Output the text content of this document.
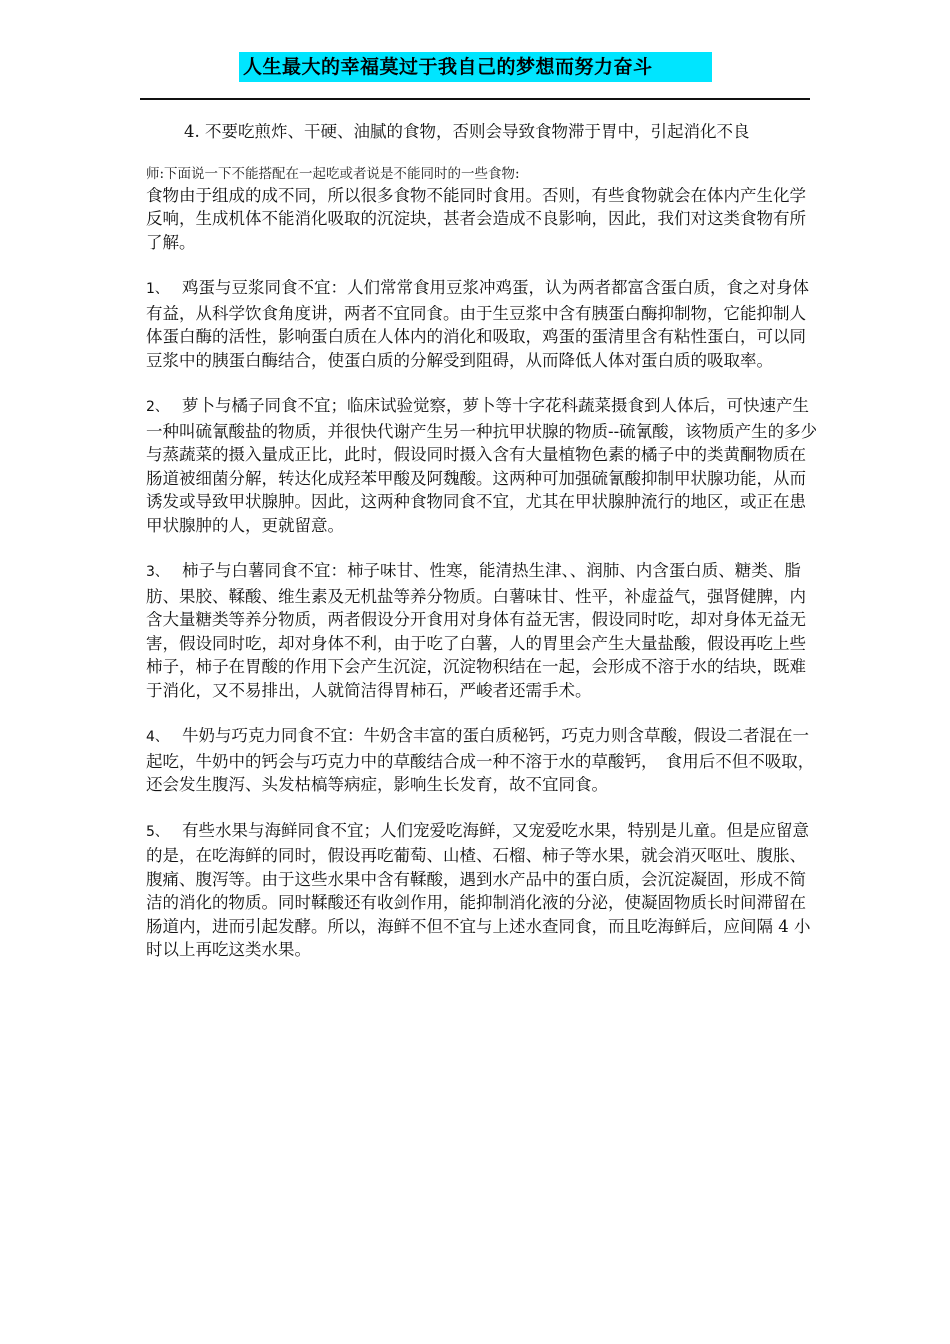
人生最大的幸福莫过于我自己的梦想而努力奋斗

4. 不要吃煎炸、干硬、油腻的食物，否则会导致食物滞于胃中，引起消化不良

师:下面说一下不能搭配在一起吃或者说是不能同时的一些食物:

食物由于组成的成不同，所以很多食物不能同时食用。否则，有些食物就会在体内产生化学反响，生成机体不能消化吸取的沉淀块，甚者会造成不良影响，因此，我们对这类食物有所了解。

1、 鸡蛋与豆浆同食不宜：人们常常食用豆浆冲鸡蛋，认为两者都富含蛋白质，食之对身体有益，从科学饮食角度讲，两者不宜同食。由于生豆浆中含有胰蛋白酶抑制物，它能抑制人体蛋白酶的活性，影响蛋白质在人体内的消化和吸取，鸡蛋的蛋清里含有粘性蛋白，可以同豆浆中的胰蛋白酶结合，使蛋白质的分解受到阻碍，从而降低人体对蛋白质的吸取率。

2、 萝卜与橘子同食不宜；临床试验觉察，萝卜等十字花科蔬菜摄食到人体后，可快速产生一种叫硫氰酸盐的物质，并很快代谢产生另一种抗甲状腺的物质--硫氰酸，该物质产生的多少与蒸蔬菜的摄入量成正比，此时，假设同时摄入含有大量植物色素的橘子中的类黄酮物质在肠道被细菌分解，转达化成羟苯甲酸及阿魏酸。这两种可加强硫氰酸抑制甲状腺功能，从而诱发或导致甲状腺肿。因此，这两种食物同食不宜，尤其在甲状腺肿流行的地区，或正在患甲状腺肿的人，更就留意。

3、 柿子与白薯同食不宜：柿子味甘、性寒，能清热生津、、润肺、内含蛋白质、糖类、脂肪、果胶、鞣酸、维生素及无机盐等养分物质。白薯味甘、性平，补虚益气，强肾健脾，内含大量糖类等养分物质，两者假设分开食用对身体有益无害，假设同时吃，却对身体无益无害，假设同时吃，却对身体不利，由于吃了白薯，人的胃里会产生大量盐酸，假设再吃上些柿子，柿子在胃酸的作用下会产生沉淀，沉淀物积结在一起，会形成不溶于水的结块，既难于消化，又不易排出，人就简洁得胃柿石，严峻者还需手术。

4、 牛奶与巧克力同食不宜：牛奶含丰富的蛋白质秘钙，巧克力则含草酸，假设二者混在一起吃，牛奶中的钙会与巧克力中的草酸结合成一种不溶于水的草酸钙，　食用后不但不吸取，还会发生腹泻、头发枯槁等病症，影响生长发育，故不宜同食。

5、 有些水果与海鲜同食不宜；人们宠爱吃海鲜，又宠爱吃水果，特别是儿童。但是应留意的是，在吃海鲜的同时，假设再吃葡萄、山楂、石榴、柿子等水果，就会消灭呕吐、腹胀、腹痛、腹泻等。由于这些水果中含有鞣酸，遇到水产品中的蛋白质，会沉淀凝固，形成不简洁的消化的物质。同时鞣酸还有收剑作用，能抑制消化液的分泌，使凝固物质长时间滞留在肠道内，进而引起发酵。所以，海鲜不但不宜与上述水查同食，而且吃海鲜后，应间隔 4 小时以上再吃这类水果。
